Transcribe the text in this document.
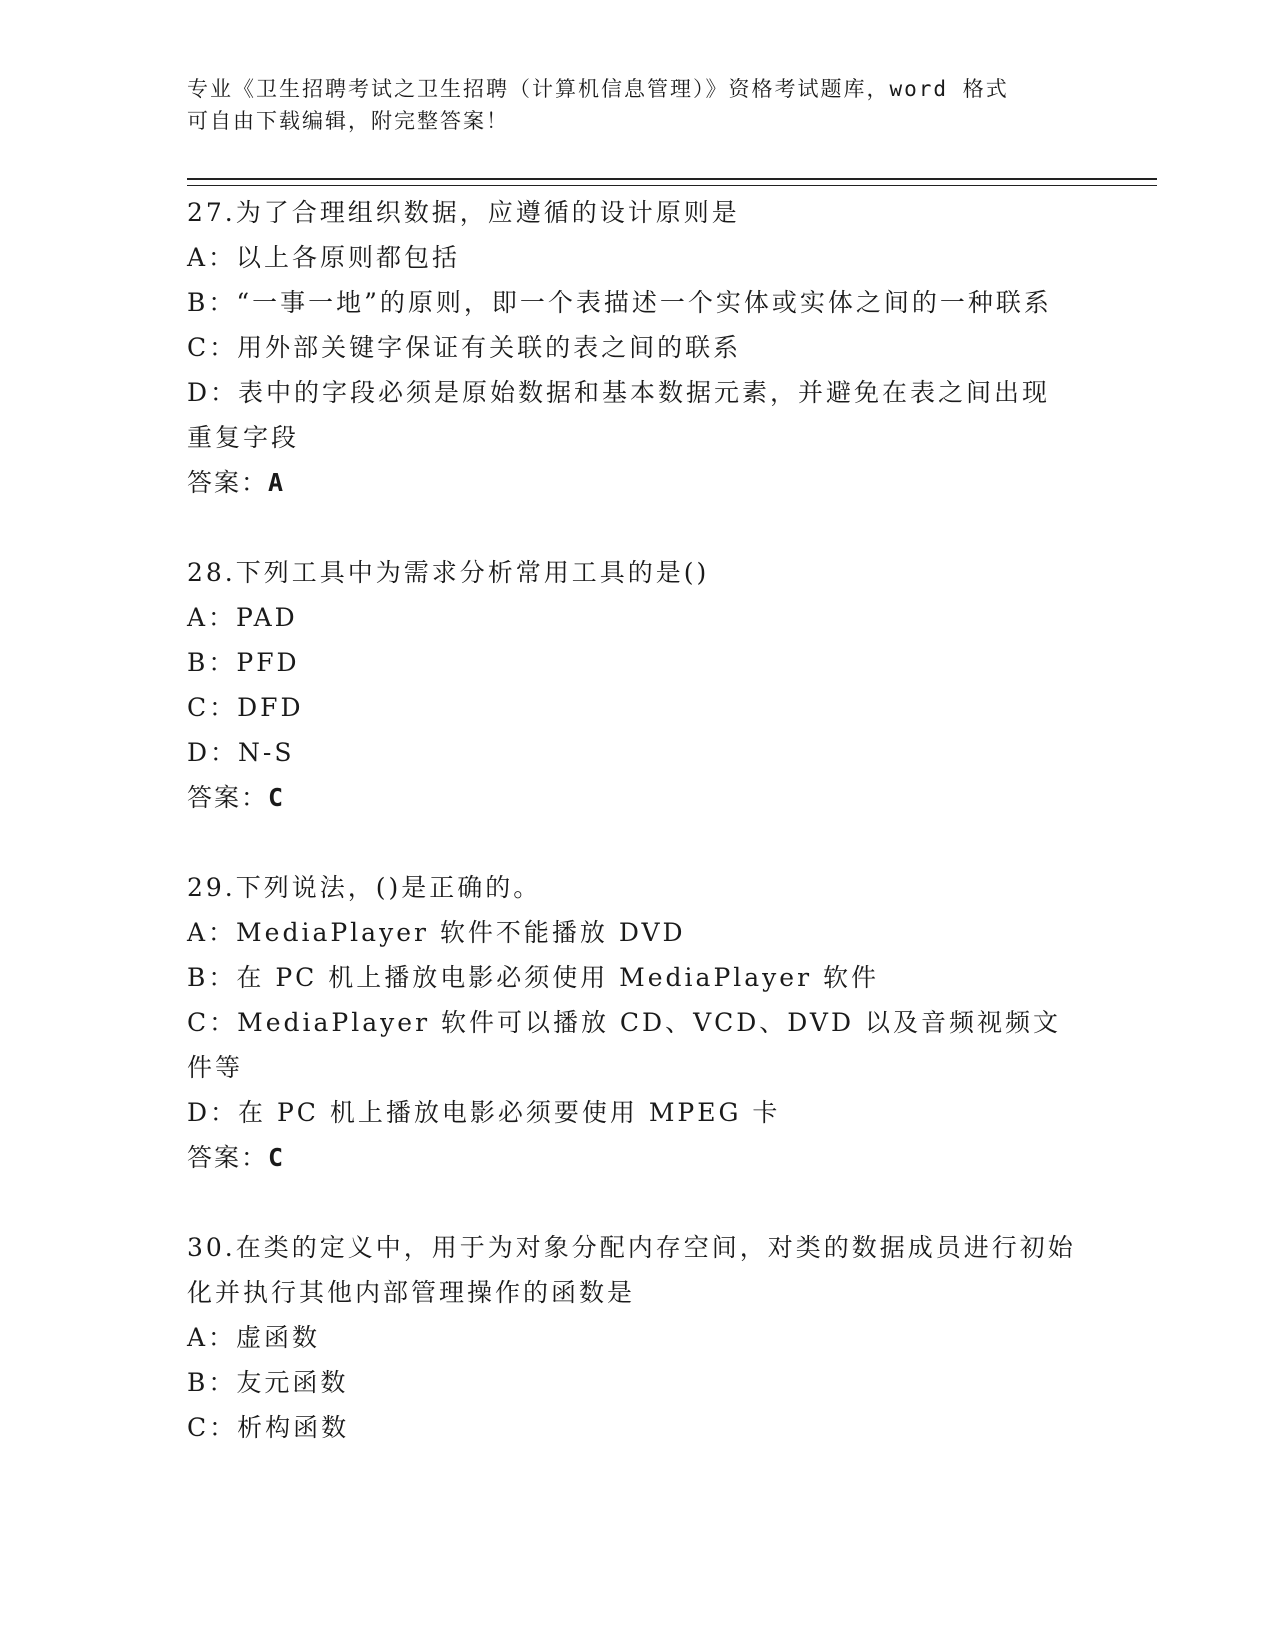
专业《卫生招聘考试之卫生招聘（计算机信息管理）》资格考试题库，word 格式
可自由下载编辑，附完整答案！
27.为了合理组织数据，应遵循的设计原则是
A：以上各原则都包括
B：“一事一地”的原则，即一个表描述一个实体或实体之间的一种联系
C：用外部关键字保证有关联的表之间的联系
D：表中的字段必须是原始数据和基本数据元素，并避免在表之间出现重复字段
答案：A
28.下列工具中为需求分析常用工具的是()
A：PAD
B：PFD
C：DFD
D：N-S
答案：C
29.下列说法，()是正确的。
A：MediaPlayer 软件不能播放 DVD
B：在 PC 机上播放电影必须使用 MediaPlayer 软件
C：MediaPlayer 软件可以播放 CD、VCD、DVD 以及音频视频文件等
D：在 PC 机上播放电影必须要使用 MPEG 卡
答案：C
30.在类的定义中，用于为对象分配内存空间，对类的数据成员进行初始化并执行其他内部管理操作的函数是
A：虚函数
B：友元函数
C：析构函数
